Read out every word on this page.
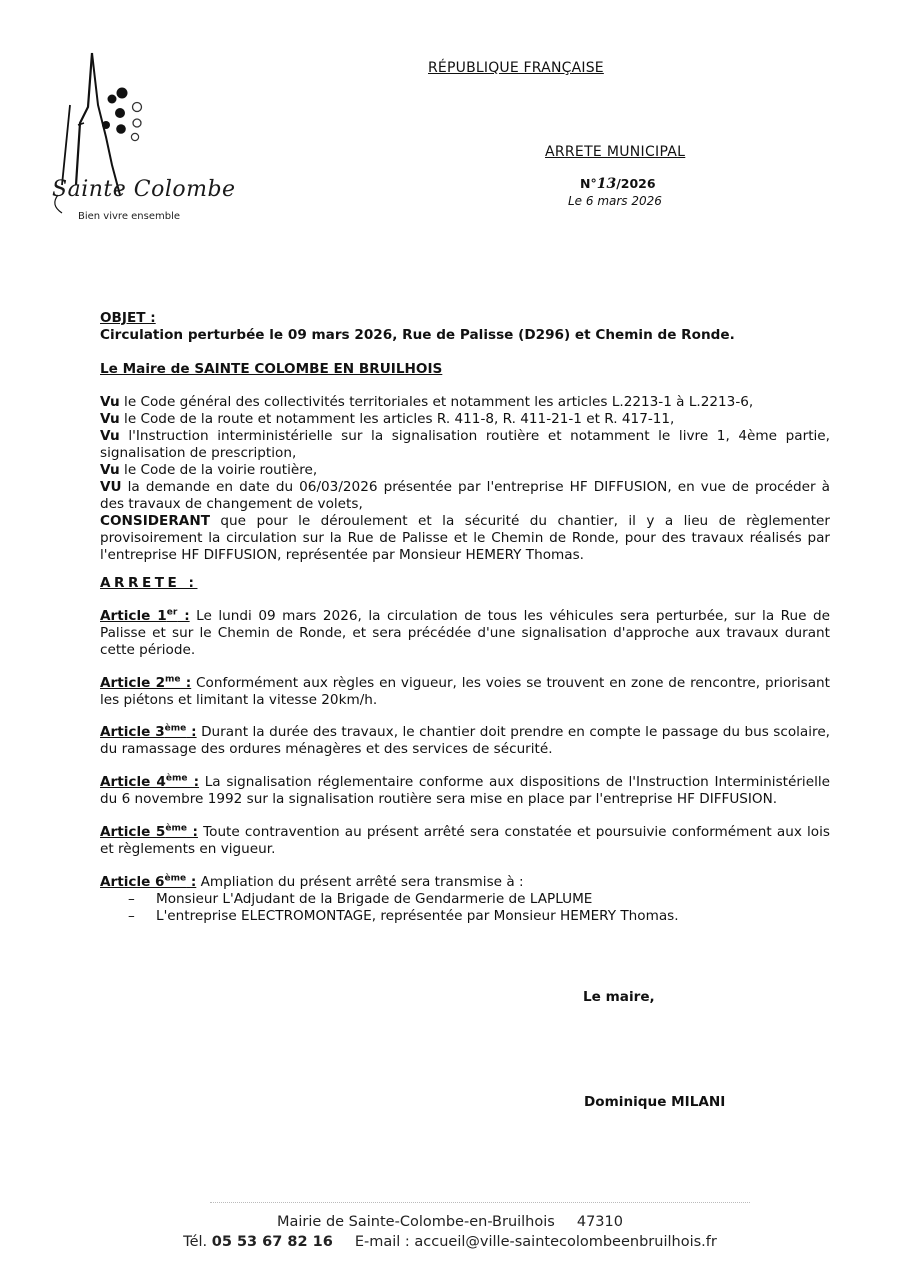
Sainte Colombe
Bien vivre ensemble
RÉPUBLIQUE FRANÇAISE
ARRETE MUNICIPAL
N°13/2026
Le 6 mars 2026
OBJET :
Circulation perturbée le 09 mars 2026, Rue de Palisse (D296) et Chemin de Ronde.
Le Maire de SAINTE COLOMBE EN BRUILHOIS

Vu le Code général des collectivités territoriales et notamment les articles L.2213-1 à L.2213-6,

Vu le Code de la route et notamment les articles R. 411-8, R. 411-21-1 et R. 417-11,

Vu l'Instruction interministérielle sur la signalisation routière et notamment le livre 1, 4ème partie, signalisation de prescription,

Vu le Code de la voirie routière,

VU la demande en date du 06/03/2026 présentée par l'entreprise HF DIFFUSION, en vue de procéder à des travaux de changement de volets,

CONSIDERANT que pour le déroulement et la sécurité du chantier, il y a lieu de règlementer provisoirement la circulation sur la Rue de Palisse et le Chemin de Ronde, pour des travaux réalisés par l'entreprise HF DIFFUSION, représentée par Monsieur HEMERY Thomas.

ARRETE :

Article 1er : Le lundi 09 mars 2026, la circulation de tous les véhicules sera perturbée, sur la Rue de Palisse et sur le Chemin de Ronde, et sera précédée d'une signalisation d'approche aux travaux durant cette période.

Article $2^{me}$ : Conformément aux règles en vigueur, les voies se trouvent en zone de rencontre, priorisant les piétons et limitant la vitesse 20km/h.

Article 3ème : Durant la durée des travaux, le chantier doit prendre en compte le passage du bus scolaire, du ramassage des ordures ménagères et des services de sécurité.

Article 4ème : La signalisation réglementaire conforme aux dispositions de l'Instruction Interministérielle du 6 novembre 1992 sur la signalisation routière sera mise en place par l'entreprise HF DIFFUSION.

Article 5ème : Toute contravention au présent arrêté sera constatée et poursuivie conformément aux lois et règlements en vigueur.

Article 6ème : Ampliation du présent arrêté sera transmise à :
– Monsieur L'Adjudant de la Brigade de Gendarmerie de LAPLUME
– L'entreprise ELECTROMONTAGE, représentée par Monsieur HEMERY Thomas.
Le maire,
Dominique MILANI
Mairie de Sainte-Colombe-en-Bruilhois 47310
Tél. 05 53 67 82 16 E-mail : accueil@ville-saintecolombeenbruilhois.fr
